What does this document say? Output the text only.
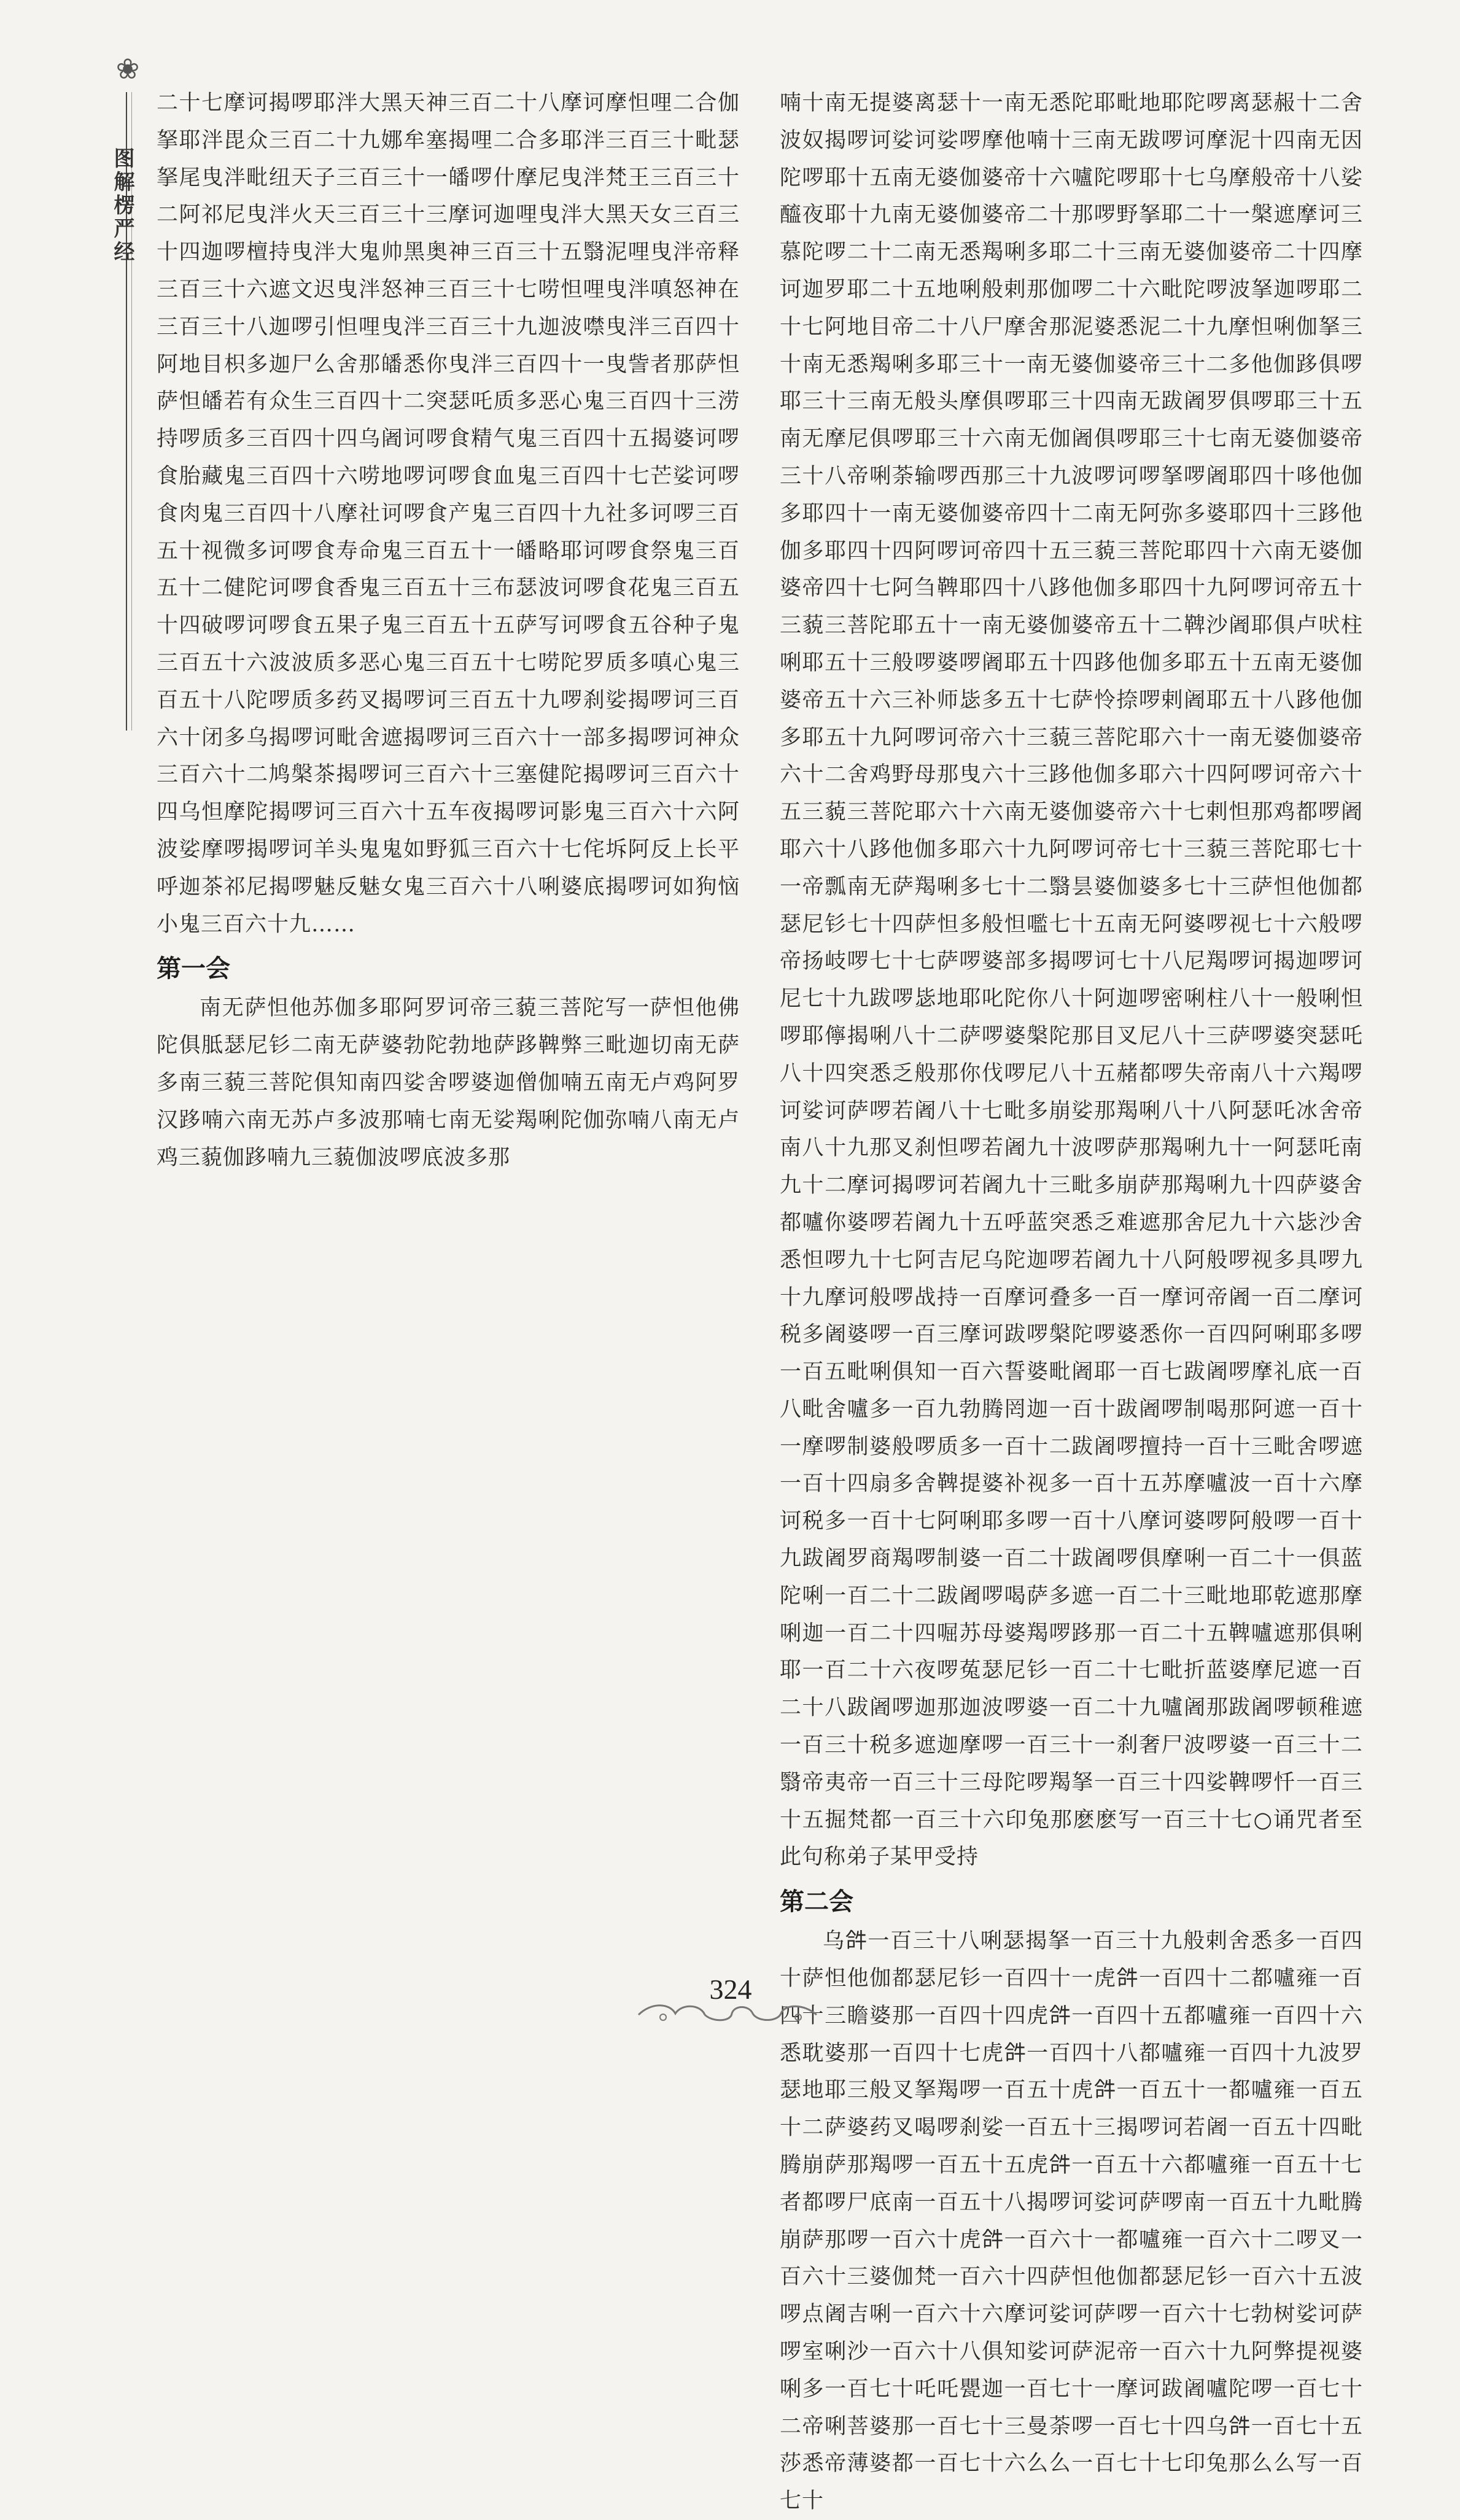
❀
图解楞严经

二十七摩诃揭啰耶泮大黑天神三百二十八摩诃摩怛哩二合伽拏耶泮毘众三百二十九娜牟塞揭哩二合多耶泮三百三十毗瑟拏尾曳泮毗纽天子三百三十一皤啰什摩尼曳泮梵王三百三十二阿祁尼曳泮火天三百三十三摩诃迦哩曳泮大黑天女三百三十四迦啰檀持曳泮大鬼帅黑奥神三百三十五翳泥哩曳泮帝释三百三十六遮文迟曳泮怒神三百三十七唠怛哩曳泮嗔怒神在三百三十八迦啰引怛哩曳泮三百三十九迦波噤曳泮三百四十阿地目枳多迦尸么舍那皤悉你曳泮三百四十一曳訾者那萨怛萨怛皤若有众生三百四十二突瑟吒质多恶心鬼三百四十三涝持啰质多三百四十四乌阇诃啰食精气鬼三百四十五揭婆诃啰食胎藏鬼三百四十六唠地啰诃啰食血鬼三百四十七芒娑诃啰食肉鬼三百四十八摩社诃啰食产鬼三百四十九社多诃啰三百五十视微多诃啰食寿命鬼三百五十一皤略耶诃啰食祭鬼三百五十二健陀诃啰食香鬼三百五十三布瑟波诃啰食花鬼三百五十四破啰诃啰食五果子鬼三百五十五萨写诃啰食五谷种子鬼三百五十六波波质多恶心鬼三百五十七唠陀罗质多嗔心鬼三百五十八陀啰质多药叉揭啰诃三百五十九啰刹娑揭啰诃三百六十闭多乌揭啰诃毗舍遮揭啰诃三百六十一部多揭啰诃神众三百六十二鸠槃茶揭啰诃三百六十三塞健陀揭啰诃三百六十四乌怛摩陀揭啰诃三百六十五车夜揭啰诃影鬼三百六十六阿波娑摩啰揭啰诃羊头鬼鬼如野狐三百六十七侘坼阿反上长平呼迦茶祁尼揭啰魅反魅女鬼三百六十八唎婆底揭啰诃如狗恼小鬼三百六十九……

第一会

南无萨怛他苏伽多耶阿罗诃帝三藐三菩陀写一萨怛他佛陀俱胝瑟尼钐二南无萨婆勃陀勃地萨跢鞞弊三毗迦切南无萨多南三藐三菩陀俱知南四娑舍啰婆迦僧伽喃五南无卢鸡阿罗汉跢喃六南无苏卢多波那喃七南无娑羯唎陀伽弥喃八南无卢鸡三藐伽跢喃九三藐伽波啰底波多那

喃十南无提婆离瑟十一南无悉陀耶毗地耶陀啰离瑟赧十二舍波奴揭啰诃娑诃娑啰摩他喃十三南无跋啰诃摩泥十四南无因陀啰耶十五南无婆伽婆帝十六嚧陀啰耶十七乌摩般帝十八娑醯夜耶十九南无婆伽婆帝二十那啰野拏耶二十一槃遮摩诃三慕陀啰二十二南无悉羯唎多耶二十三南无婆伽婆帝二十四摩诃迦罗耶二十五地唎般剌那伽啰二十六毗陀啰波拏迦啰耶二十七阿地目帝二十八尸摩舍那泥婆悉泥二十九摩怛唎伽拏三十南无悉羯唎多耶三十一南无婆伽婆帝三十二多他伽跢俱啰耶三十三南无般头摩俱啰耶三十四南无跋阇罗俱啰耶三十五南无摩尼俱啰耶三十六南无伽阇俱啰耶三十七南无婆伽婆帝三十八帝唎荼输啰西那三十九波啰诃啰拏啰阇耶四十哆他伽多耶四十一南无婆伽婆帝四十二南无阿弥多婆耶四十三跢他伽多耶四十四阿啰诃帝四十五三藐三菩陀耶四十六南无婆伽婆帝四十七阿刍鞞耶四十八跢他伽多耶四十九阿啰诃帝五十三藐三菩陀耶五十一南无婆伽婆帝五十二鞞沙阇耶俱卢吠柱唎耶五十三般啰婆啰阇耶五十四跢他伽多耶五十五南无婆伽婆帝五十六三补师毖多五十七萨怜捺啰剌阇耶五十八跢他伽多耶五十九阿啰诃帝六十三藐三菩陀耶六十一南无婆伽婆帝六十二舍鸡野母那曳六十三跢他伽多耶六十四阿啰诃帝六十五三藐三菩陀耶六十六南无婆伽婆帝六十七剌怛那鸡都啰阇耶六十八跢他伽多耶六十九阿啰诃帝七十三藐三菩陀耶七十一帝瓢南无萨羯唎多七十二翳昙婆伽婆多七十三萨怛他伽都瑟尼钐七十四萨怛多般怛嚂七十五南无阿婆啰视七十六般啰帝扬岐啰七十七萨啰婆部多揭啰诃七十八尼羯啰诃揭迦啰诃尼七十九跋啰毖地耶叱陀你八十阿迦啰密唎柱八十一般唎怛啰耶儜揭唎八十二萨啰婆槃陀那目叉尼八十三萨啰婆突瑟吒八十四突悉乏般那你伐啰尼八十五赭都啰失帝南八十六羯啰诃娑诃萨啰若阇八十七毗多崩娑那羯唎八十八阿瑟吒冰舍帝南八十九那叉刹怛啰若阇九十波啰萨那羯唎九十一阿瑟吒南九十二摩诃揭啰诃若阇九十三毗多崩萨那羯唎九十四萨婆舍都嚧你婆啰若阇九十五呼蓝突悉乏难遮那舍尼九十六毖沙舍悉怛啰九十七阿吉尼乌陀迦啰若阇九十八阿般啰视多具啰九十九摩诃般啰战持一百摩诃叠多一百一摩诃帝阇一百二摩诃税多阇婆啰一百三摩诃跋啰槃陀啰婆悉你一百四阿唎耶多啰一百五毗唎俱知一百六誓婆毗阇耶一百七跋阇啰摩礼底一百八毗舍嚧多一百九勃腾罔迦一百十跋阇啰制喝那阿遮一百十一摩啰制婆般啰质多一百十二跋阇啰擅持一百十三毗舍啰遮一百十四扇多舍鞞提婆补视多一百十五苏摩嚧波一百十六摩诃税多一百十七阿唎耶多啰一百十八摩诃婆啰阿般啰一百十九跋阇罗商羯啰制婆一百二十跋阇啰俱摩唎一百二十一俱蓝陀唎一百二十二跋阇啰喝萨多遮一百二十三毗地耶乾遮那摩唎迦一百二十四啒苏母婆羯啰跢那一百二十五鞞嚧遮那俱唎耶一百二十六夜啰菟瑟尼钐一百二十七毗折蓝婆摩尼遮一百二十八跋阇啰迦那迦波啰婆一百二十九嚧阇那跋阇啰顿稚遮一百三十税多遮迦摩啰一百三十一刹奢尸波啰婆一百三十二翳帝夷帝一百三十三母陀啰羯拏一百三十四娑鞞啰忏一百三十五掘梵都一百三十六印兔那麽麽写一百三十七○诵咒者至此句称弟子某甲受持

第二会

乌𤙖一百三十八唎瑟揭拏一百三十九般剌舍悉多一百四十萨怛他伽都瑟尼钐一百四十一虎𤙖一百四十二都嚧雍一百四十三瞻婆那一百四十四虎𤙖一百四十五都嚧雍一百四十六悉耽婆那一百四十七虎𤙖一百四十八都嚧雍一百四十九波罗瑟地耶三般叉拏羯啰一百五十虎𤙖一百五十一都嚧雍一百五十二萨婆药叉喝啰刹娑一百五十三揭啰诃若阇一百五十四毗腾崩萨那羯啰一百五十五虎𤙖一百五十六都嚧雍一百五十七者都啰尸底南一百五十八揭啰诃娑诃萨啰南一百五十九毗腾崩萨那啰一百六十虎𤙖一百六十一都嚧雍一百六十二啰叉一百六十三婆伽梵一百六十四萨怛他伽都瑟尼钐一百六十五波啰点阇吉唎一百六十六摩诃娑诃萨啰一百六十七勃树娑诃萨啰室唎沙一百六十八俱知娑诃萨泥帝一百六十九阿弊提视婆唎多一百七十吒吒甖迦一百七十一摩诃跋阇嚧陀啰一百七十二帝唎菩婆那一百七十三曼荼啰一百七十四乌𤙖一百七十五莎悉帝薄婆都一百七十六么么一百七十七印兔那么么写一百七十

324
